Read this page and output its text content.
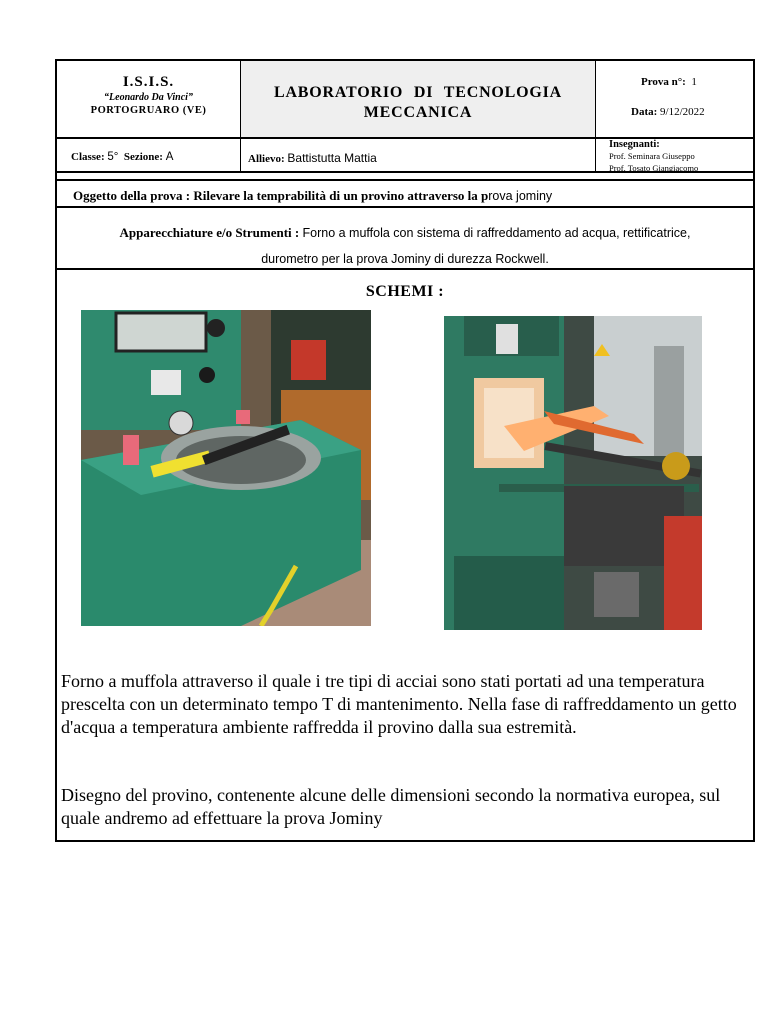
I.S.I.S.
“Leonardo Da Vinci”
PORTOGRUARO (VE)
LABORATORIO DI TECNOLOGIA
MECCANICA
Prova n°: 1
Data: 9/12/2022
Classe: 5° Sezione: A	Allievo: Battistutta Mattia
Insegnanti:
Prof. Seminara Giuseppo
Prof. Tosato Giangiacomo
Oggetto della prova : Rilevare la temprabilità di un provino attraverso la prova jominy
Apparecchiature e/o Strumenti : Forno a muffola con sistema di raffreddamento ad acqua, rettificatrice,
durometro per la prova Jominy di durezza Rockwell.
SCHEMI :
Forno a muffola attraverso il quale i tre tipi di acciai sono stati portati ad una temperatura prescelta con un determinato tempo T di mantenimento. Nella fase di raffreddamento un getto d'acqua a temperatura ambiente raffredda il provino dalla sua estremità.
Disegno del provino, contenente alcune delle dimensioni secondo la normativa europea, sul quale andremo ad effettuare la prova Jominy
